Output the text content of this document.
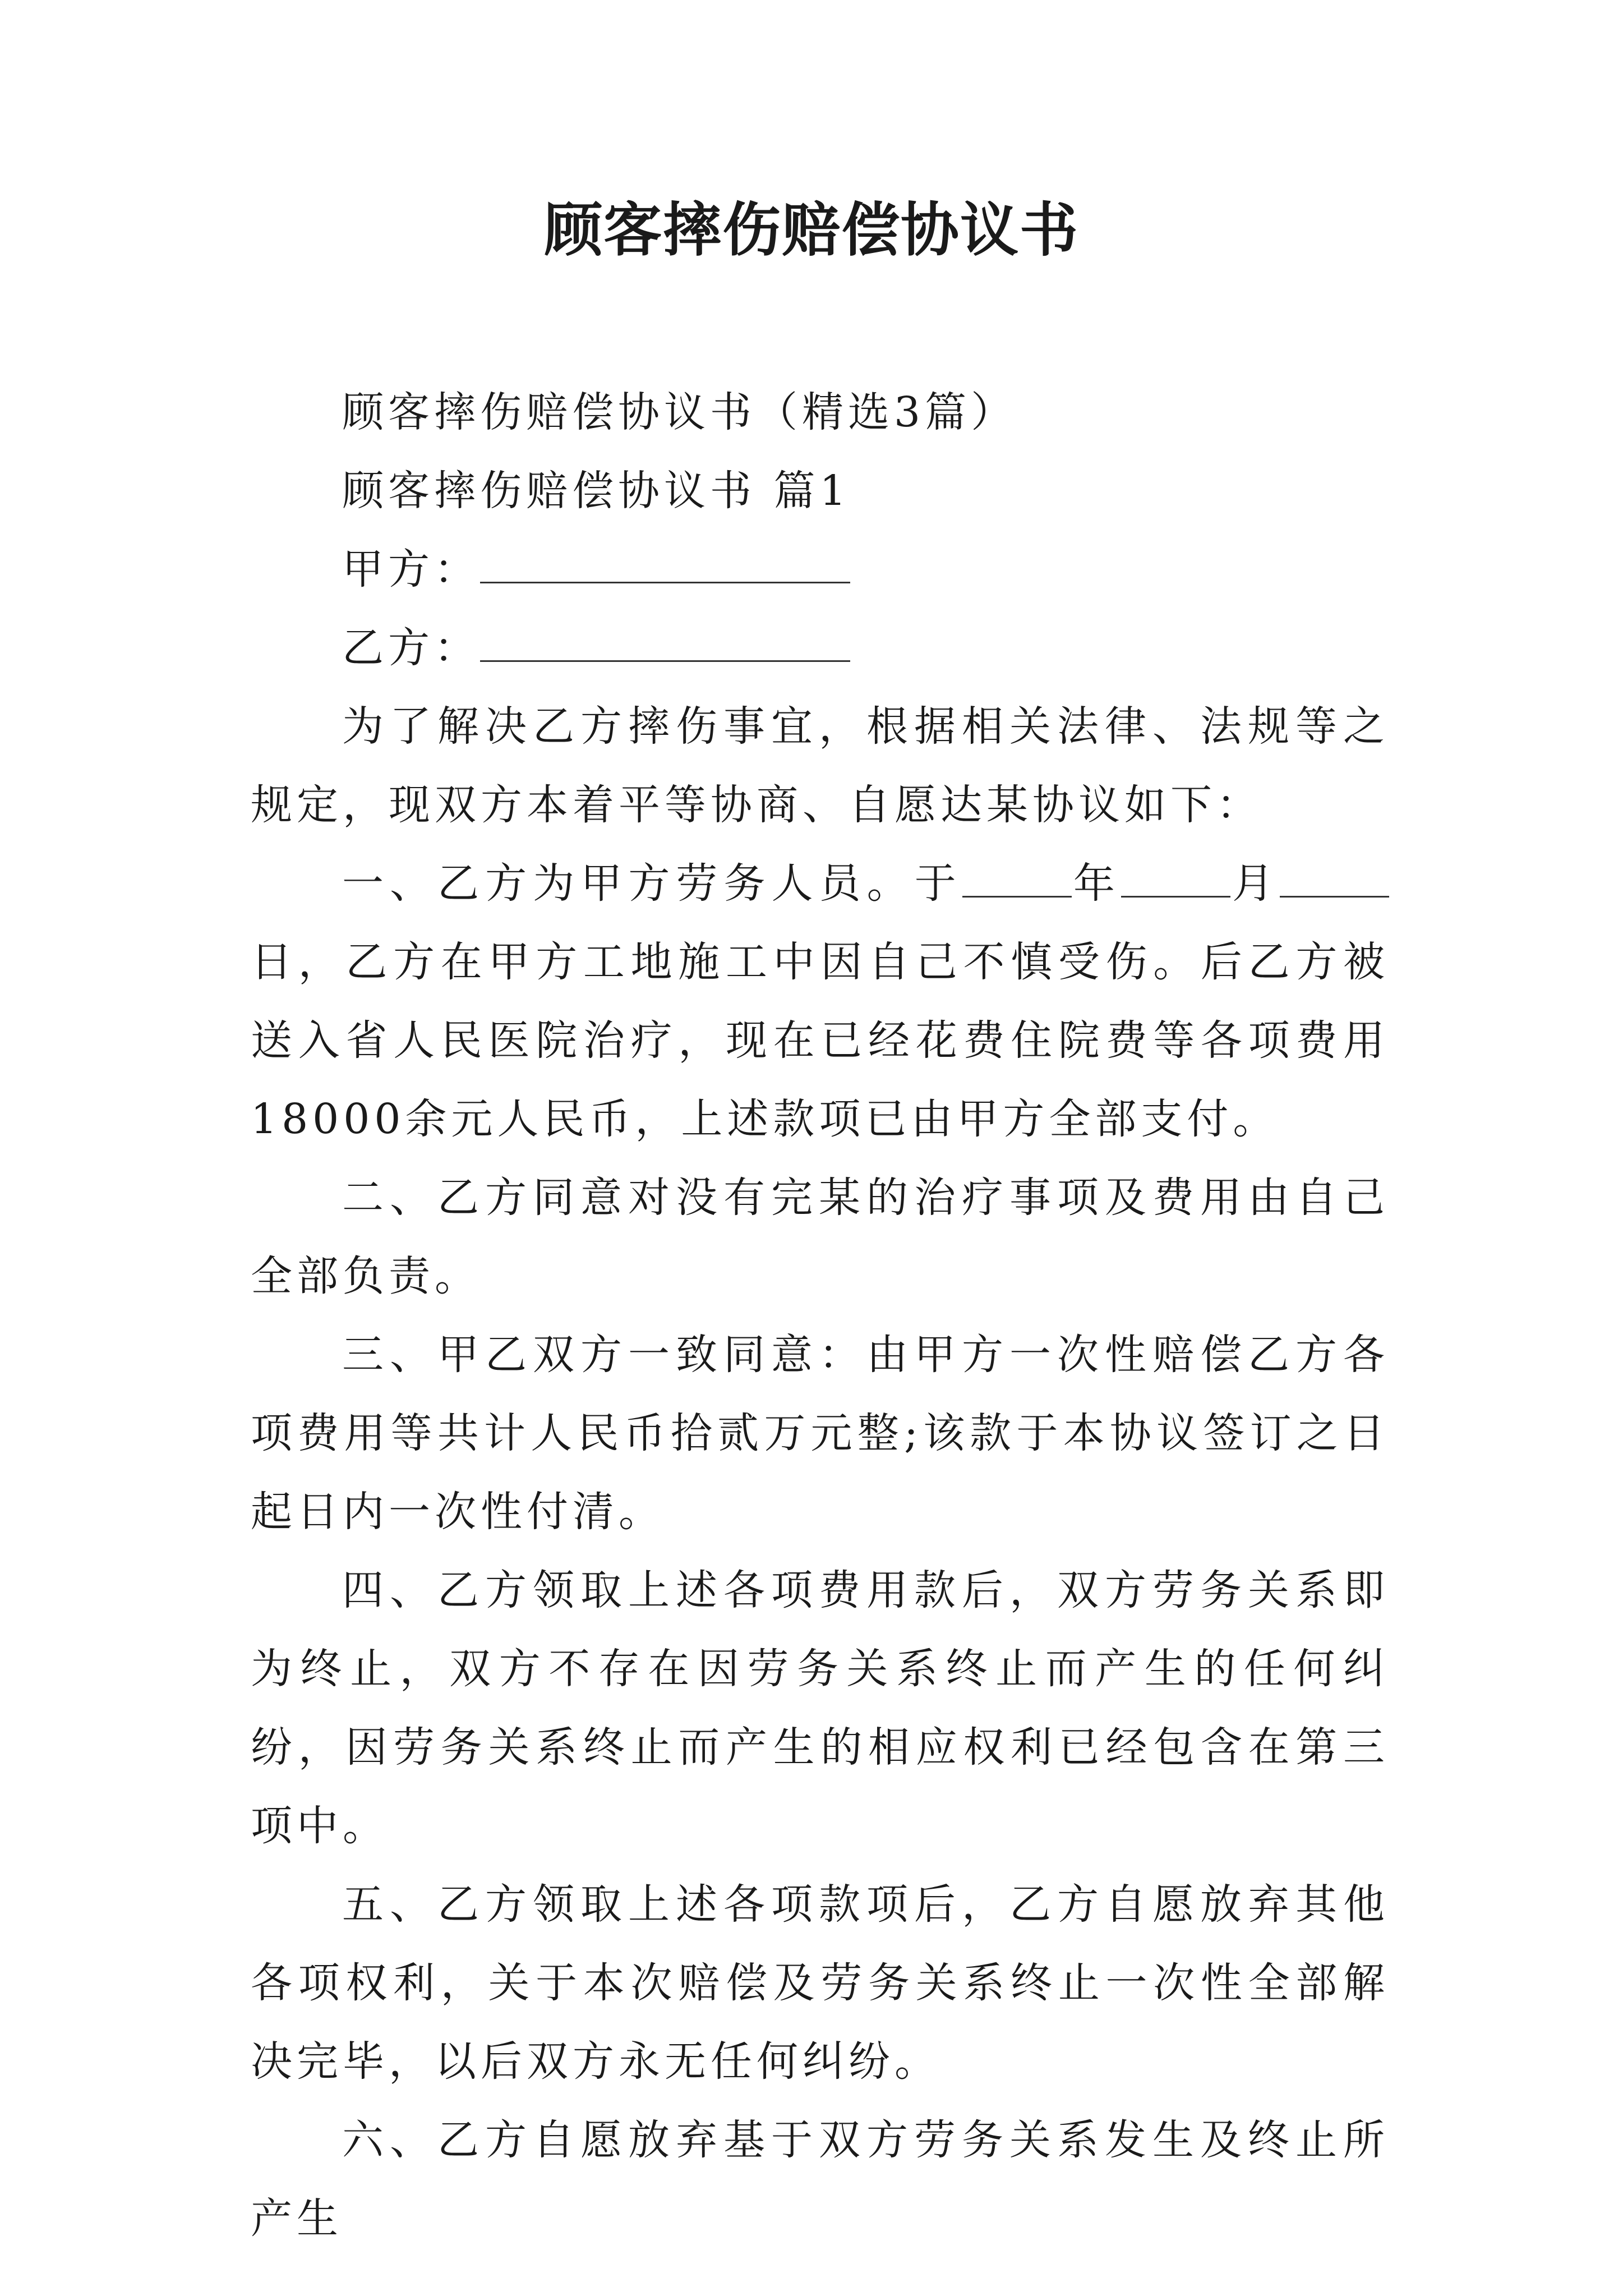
顾客摔伤赔偿协议书

顾客摔伤赔偿协议书（精选3篇）

顾客摔伤赔偿协议书 篇1

甲方：

乙方：

为了解决乙方摔伤事宜，根据相关法律、法规等之规定，现双方本着平等协商、自愿达某协议如下：

一、乙方为甲方劳务人员。于	年	月日，乙方在甲方工地施工中因自己不慎受伤。后乙方被送入省人民医院治疗，现在已经花费住院费等各项费用18000余元人民币，上述款项已由甲方全部支付。

二、乙方同意对没有完某的治疗事项及费用由自己全部负责。

三、甲乙双方一致同意：由甲方一次性赔偿乙方各项费用等共计人民币拾贰万元整;该款于本协议签订之日起日内一次性付清。

四、乙方领取上述各项费用款后，双方劳务关系即为终止，双方不存在因劳务关系终止而产生的任何纠纷，因劳务关系终止而产生的相应权利已经包含在第三项中。

五、乙方领取上述各项款项后，乙方自愿放弃其他各项权利，关于本次赔偿及劳务关系终止一次性全部解决完毕，以后双方永无任何纠纷。

六、乙方自愿放弃基于双方劳务关系发生及终止所产生
